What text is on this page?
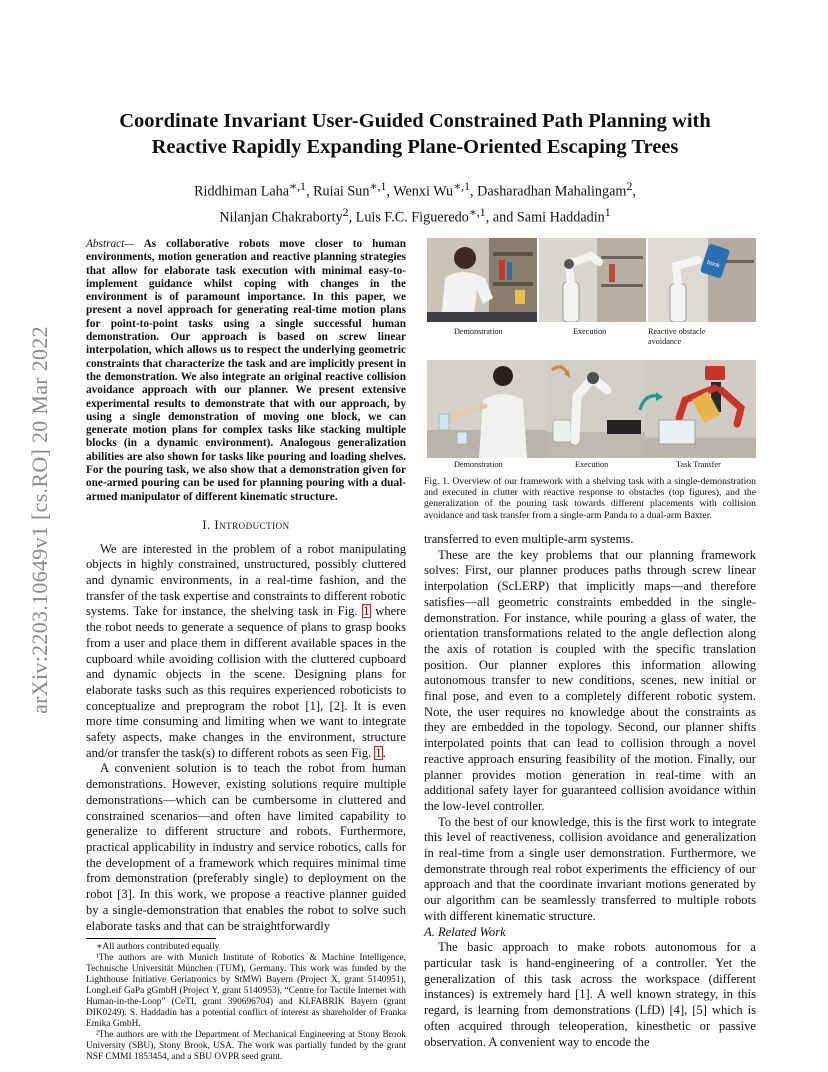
arXiv:2203.10649v1 [cs.RO] 20 Mar 2022
Coordinate Invariant User-Guided Constrained Path Planning with
Reactive Rapidly Expanding Plane-Oriented Escaping Trees
Riddhiman Laha$^{∗,1}$, Ruiai Sun$^{∗,1}$, Wenxi $Wu^{∗,1}$, Dasharadhan Mahalingam$^2$,
Nilanjan Chakraborty$^2$, Luis F.C. Figueredo$^{∗,1}$, and Sami Haddadin$^1$
Abstract— As collaborative robots move closer to human environments, motion generation and reactive planning strategies that allow for elaborate task execution with minimal easy-to-implement guidance whilst coping with changes in the environment is of paramount importance. In this paper, we present a novel approach for generating real-time motion plans for point-to-point tasks using a single successful human demonstration. Our approach is based on screw linear interpolation, which allows us to respect the underlying geometric constraints that characterize the task and are implicitly present in the demonstration. We also integrate an original reactive collision avoidance approach with our planner. We present extensive experimental results to demonstrate that with our approach, by using a single demonstration of moving one block, we can generate motion plans for complex tasks like stacking multiple blocks (in a dynamic environment). Analogous generalization abilities are also shown for tasks like pouring and loading shelves. For the pouring task, we also show that a demonstration given for one-armed pouring can be used for planning pouring with a dual-armed manipulator of different kinematic structure.
I. Introduction

We are interested in the problem of a robot manipulating objects in highly constrained, unstructured, possibly cluttered and dynamic environments, in a real-time fashion, and the transfer of the task expertise and constraints to different robotic systems. Take for instance, the shelving task in Fig. 1 where the robot needs to generate a sequence of plans to grasp books from a user and place them in different available spaces in the cupboard while avoiding collision with the cluttered cupboard and dynamic objects in the scene. Designing plans for elaborate tasks such as this requires experienced roboticists to conceptualize and preprogram the robot [1], [2]. It is even more time consuming and limiting when we want to integrate safety aspects, make changes in the environment, structure and/or transfer the task(s) to different robots as seen Fig. 1.

A convenient solution is to teach the robot from human demonstrations. However, existing solutions require multiple demonstrations—which can be cumbersome in cluttered and constrained scenarios—and often have limited capability to generalize to different structure and robots. Furthermore, practical applicability in industry and service robotics, calls for the development of a framework which requires minimal time from demonstration (preferably single) to deployment on the robot [3]. In this work, we propose a reactive planner guided by a single-demonstration that enables the robot to solve such elaborate tasks and that can be straightforwardly

∗All authors contributed equally
¹The authors are with Munich Institute of Robotics & Machine Intelligence, Technische Universität München (TUM), Germany. This work was funded by the Lighthouse Initiative Geriatronics by StMWi Bayern (Project X, grant 5140951), LongLeif GaPa gGmbH (Project Y, grant 5140953), “Centre for Tactile Internet with Human-in-the-Loop” (CeTI, grant 390696704) and KI.FABRIK Bayern (grant DIK0249). S. Haddadin has a potential conflict of interest as shareholder of Franka Emika GmbH.
²The authors are with the Department of Mechanical Engineering at Stony Brook University (SBU), Stony Brook, USA. The work was partially funded by the grant NSF CMMI 1853454, and a SBU OVPR seed grant.
book
Demonstration	Execution	Reactive obstacle
avoidance
Demonstration	Execution	Task Transfer
Fig. 1. Overview of our framework with a shelving task with a single-demonstration and executed in clutter with reactive response to obstacles (top figures), and the generalization of the pouring task towards different placements with collision avoidance and task transfer from a single-arm Panda to a dual-arm Baxter.

transferred to even multiple-arm systems.

These are the key problems that our planning framework solves: First, our planner produces paths through screw linear interpolation (ScLERP) that implicitly maps—and therefore satisfies—all geometric constraints embedded in the single-demonstration. For instance, while pouring a glass of water, the orientation transformations related to the angle deflection along the axis of rotation is coupled with the specific translation position. Our planner explores this information allowing autonomous transfer to new conditions, scenes, new initial or final pose, and even to a completely different robotic system. Note, the user requires no knowledge about the constraints as they are embedded in the topology. Second, our planner shifts interpolated points that can lead to collision through a novel reactive approach ensuring feasibility of the motion. Finally, our planner provides motion generation in real-time with an additional safety layer for guaranteed collision avoidance within the low-level controller.

To the best of our knowledge, this is the first work to integrate this level of reactiveness, collision avoidance and generalization in real-time from a single user demonstration. Furthermore, we demonstrate through real robot experiments the efficiency of our approach and that the coordinate invariant motions generated by our algorithm can be seamlessly transferred to multiple robots with different kinematic structure.

A. Related Work

The basic approach to make robots autonomous for a particular task is hand-engineering of a controller. Yet the generalization of this task across the workspace (different instances) is extremely hard [1]. A well known strategy, in this regard, is learning from demonstrations (LfD) [4], [5] which is often acquired through teleoperation, kinesthetic or passive observation. A convenient way to encode the
